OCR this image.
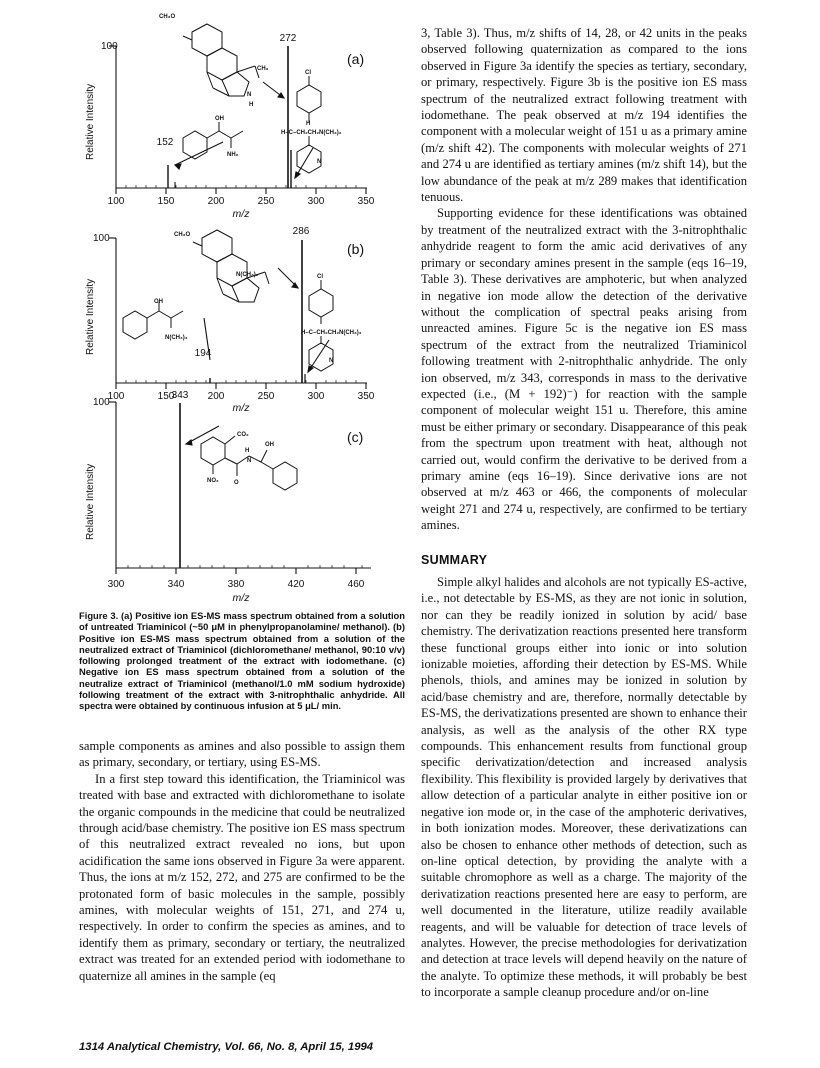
100
Relative Intensity
100	150	200	250	300	350
m/z
272
152
(a)
CH₃O
N
CH₃
H
OH
NH₂
Cl
H
H–C–CH₂CH₂N(CH₃)₂
N
100
Relative Intensity
100	150	200	250	300	350
m/z
286
194
(b)
CH₃O
N(CH₃)₂
OH
N(CH₃)₃
Cl
H–C–CH₂CH₂N(CH₃)₃
N
100
Relative Intensity
300	340	380	420	460
m/z
343
(c)
CO₂
H
OH
N
NO₂	O
Figure 3. (a) Positive ion ES-MS mass spectrum obtained from a solution of untreated Triaminicol (~50 μM in phenylpropanolamine/ methanol). (b) Positive ion ES-MS mass spectrum obtained from a solution of the neutralized extract of Triaminicol (dichloromethane/ methanol, 90:10 v/v) following prolonged treatment of the extract with iodomethane. (c) Negative ion ES mass spectrum obtained from a solution of the neutralize extract of Triaminicol (methanol/1.0 mM sodium hydroxide) following treatment of the extract with 3-nitrophthalic anhydride. All spectra were obtained by continuous infusion at 5 μL/ min.

sample components as amines and also possible to assign them as primary, secondary, or tertiary, using ES-MS.

In a first step toward this identification, the Triaminicol was treated with base and extracted with dichloromethane to isolate the organic compounds in the medicine that could be neutralized through acid/base chemistry. The positive ion ES mass spectrum of this neutralized extract revealed no ions, but upon acidification the same ions observed in Figure 3a were apparent. Thus, the ions at m/z 152, 272, and 275 are confirmed to be the protonated form of basic molecules in the sample, possibly amines, with molecular weights of 151, 271, and 274 u, respectively. In order to confirm the species as amines, and to identify them as primary, secondary or tertiary, the neutralized extract was treated for an extended period with iodomethane to quaternize all amines in the sample (eq

3, Table 3). Thus, m/z shifts of 14, 28, or 42 units in the peaks observed following quaternization as compared to the ions observed in Figure 3a identify the species as tertiary, secondary, or primary, respectively. Figure 3b is the positive ion ES mass spectrum of the neutralized extract following treatment with iodomethane. The peak observed at m/z 194 identifies the component with a molecular weight of 151 u as a primary amine (m/z shift 42). The components with molecular weights of 271 and 274 u are identified as tertiary amines (m/z shift 14), but the low abundance of the peak at m/z 289 makes that identification tenuous.

Supporting evidence for these identifications was obtained by treatment of the neutralized extract with the 3-nitrophthalic anhydride reagent to form the amic acid derivatives of any primary or secondary amines present in the sample (eqs 16–19, Table 3). These derivatives are amphoteric, but when analyzed in negative ion mode allow the detection of the derivative without the complication of spectral peaks arising from unreacted amines. Figure 5c is the negative ion ES mass spectrum of the extract from the neutralized Triaminicol following treatment with 2-nitrophthalic anhydride. The only ion observed, m/z 343, corresponds in mass to the derivative expected (i.e., (M + 192)⁻) for reaction with the sample component of molecular weight 151 u. Therefore, this amine must be either primary or secondary. Disappearance of this peak from the spectrum upon treatment with heat, although not carried out, would confirm the derivative to be derived from a primary amine (eqs 16–19). Since derivative ions are not observed at m/z 463 or 466, the components of molecular weight 271 and 274 u, respectively, are confirmed to be tertiary amines.

SUMMARY

Simple alkyl halides and alcohols are not typically ES-active, i.e., not detectable by ES-MS, as they are not ionic in solution, nor can they be readily ionized in solution by acid/ base chemistry. The derivatization reactions presented here transform these functional groups either into ionic or into solution ionizable moieties, affording their detection by ES-MS. While phenols, thiols, and amines may be ionized in solution by acid/base chemistry and are, therefore, normally detectable by ES-MS, the derivatizations presented are shown to enhance their analysis, as well as the analysis of the other RX type compounds. This enhancement results from functional group specific derivatization/detection and increased analysis flexibility. This flexibility is provided largely by derivatives that allow detection of a particular analyte in either positive ion or negative ion mode or, in the case of the amphoteric derivatives, in both ionization modes. Moreover, these derivatizations can also be chosen to enhance other methods of detection, such as on-line optical detection, by providing the analyte with a suitable chromophore as well as a charge. The majority of the derivatization reactions presented here are easy to perform, are well documented in the literature, utilize readily available reagents, and will be valuable for detection of trace levels of analytes. However, the precise methodologies for derivatization and detection at trace levels will depend heavily on the nature of the analyte. To optimize these methods, it will probably be best to incorporate a sample cleanup procedure and/or on-line

1314 Analytical Chemistry, Vol. 66, No. 8, April 15, 1994
